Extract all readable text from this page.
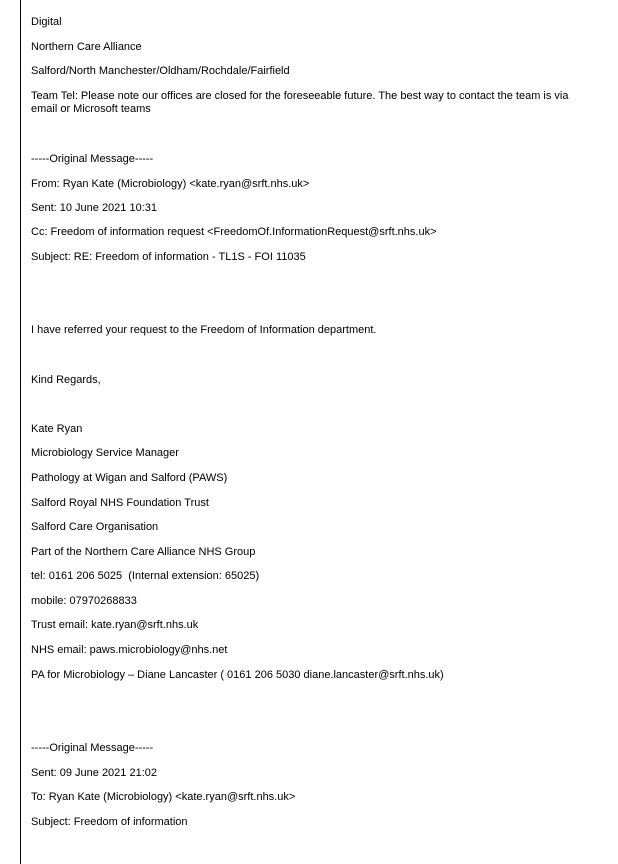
Digital
Northern Care Alliance
Salford/North Manchester/Oldham/Rochdale/Fairfield
Team Tel: Please note our offices are closed for the foreseeable future. The best way to contact the team is via email or Microsoft teams
-----Original Message-----
From: Ryan Kate (Microbiology) <kate.ryan@srft.nhs.uk>
Sent: 10 June 2021 10:31
Cc: Freedom of information request <FreedomOf.InformationRequest@srft.nhs.uk>
Subject: RE: Freedom of information - TL1S - FOI 11035
I have referred your request to the Freedom of Information department.
Kind Regards,
Kate Ryan
Microbiology Service Manager
Pathology at Wigan and Salford (PAWS)
Salford Royal NHS Foundation Trust
Salford Care Organisation
Part of the Northern Care Alliance NHS Group
tel: 0161 206 5025  (Internal extension: 65025)
mobile: 07970268833
Trust email: kate.ryan@srft.nhs.uk
NHS email: paws.microbiology@nhs.net
PA for Microbiology – Diane Lancaster ( 0161 206 5030 diane.lancaster@srft.nhs.uk)
-----Original Message-----
Sent: 09 June 2021 21:02
To: Ryan Kate (Microbiology) <kate.ryan@srft.nhs.uk>
Subject: Freedom of information
